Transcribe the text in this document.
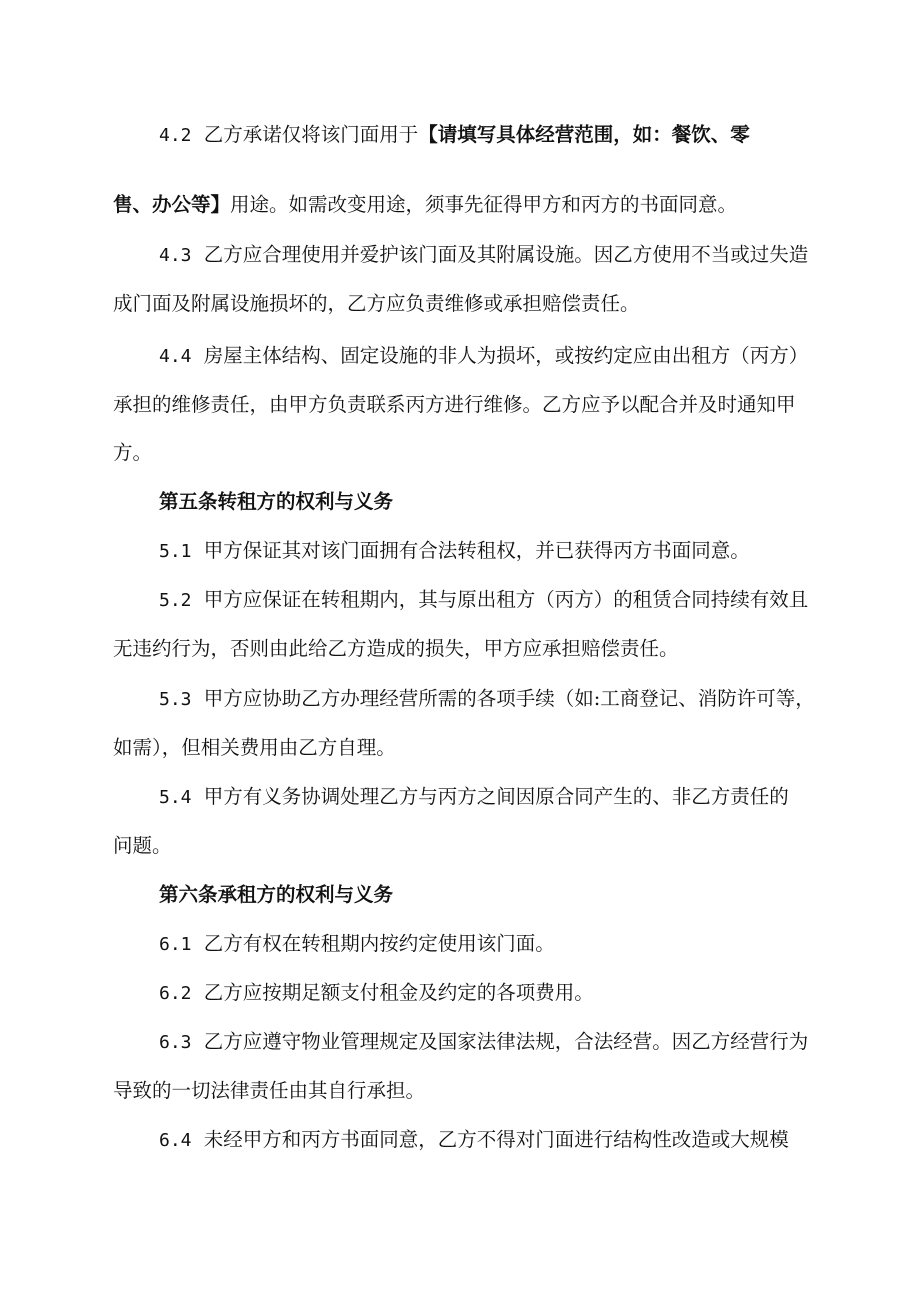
4.2 乙方承诺仅将该门面用于【请填写具体经营范围，如：餐饮、零
售、办公等】用途。如需改变用途，须事先征得甲方和丙方的书面同意。
4.3 乙方应合理使用并爱护该门面及其附属设施。因乙方使用不当或过失造
成门面及附属设施损坏的，乙方应负责维修或承担赔偿责任。
4.4 房屋主体结构、固定设施的非人为损坏，或按约定应由出租方（丙方）
承担的维修责任，由甲方负责联系丙方进行维修。乙方应予以配合并及时通知甲
方。
第五条转租方的权利与义务
5.1 甲方保证其对该门面拥有合法转租权，并已获得丙方书面同意。
5.2 甲方应保证在转租期内，其与原出租方（丙方）的租赁合同持续有效且
无违约行为，否则由此给乙方造成的损失，甲方应承担赔偿责任。
5.3 甲方应协助乙方办理经营所需的各项手续（如:工商登记、消防许可等，
如需），但相关费用由乙方自理。
5.4 甲方有义务协调处理乙方与丙方之间因原合同产生的、非乙方责任的
问题。
第六条承租方的权利与义务
6.1 乙方有权在转租期内按约定使用该门面。
6.2 乙方应按期足额支付租金及约定的各项费用。
6.3 乙方应遵守物业管理规定及国家法律法规，合法经营。因乙方经营行为
导致的一切法律责任由其自行承担。
6.4 未经甲方和丙方书面同意，乙方不得对门面进行结构性改造或大规模
